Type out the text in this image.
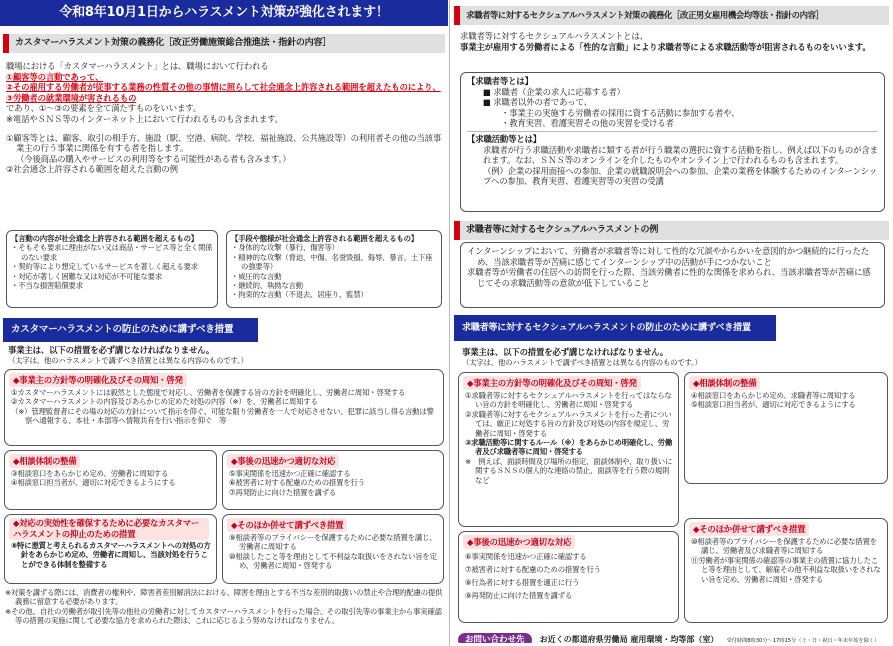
令和8年10月1日からハラスメント対策が強化されます！
カスタマーハラスメント対策の義務化［改正労働施策総合推進法・指針の内容］

職場における「カスタマーハラスメント」とは、職場において行われる

①顧客等の言動であって、

②その雇用する労働者が従事する業務の性質その他の事情に照らして社会通念上許容される範囲を超えたものにより、

③労働者の就業環境が害されるもの

であり、①～③の要素を全て満たすものをいいます。

※電話やＳＮＳ等のインターネット上において行われるものも含まれます。

①顧客等とは、顧客、取引の相手方、施設（駅、空港、病院、学校、福祉施設、公共施設等）の利用者その他の当該事業主の行う事業に関係を有する者を指します。

（今後商品の購入やサービスの利用等をする可能性がある者も含みます。）

②社会通念上許容される範囲を超えた言動の例

【言動の内容が社会通念上許容される範囲を超えるもの】

・そもそも要求に理由がない又は商品・サービス等と全く関係のない要求

・契約等により想定しているサービスを著しく超える要求

・対応が著しく困難な又は対応が不可能な要求

・不当な損害賠償要求

【手段や態様が社会通念上許容される範囲を超えるもの】

・身体的な攻撃（暴行、傷害等）

・精神的な攻撃（脅迫、中傷、名誉毀損、侮辱、暴言、土下座の強要等）

・威圧的な言動

・継続的、執拗な言動

・拘束的な言動（不退去、居座り、監禁）

カスタマーハラスメントの防止のために講ずべき措置

事業主は、以下の措置を必ず講じなければなりません。

（太字は、他のハラスメントで講ずべき措置とは異なる内容のものです。）

◆事業主の方針等の明確化及びその周知・啓発

①カスタマーハラスメントには毅然とした態度で対応し、労働者を保護する旨の方針を明確化し、労働者に周知・啓発する

②カスタマーハラスメントの内容及びあらかじめ定めた対処の内容（※）を、労働者に周知する

（※）管理監督者にその場の対応の方針について指示を仰ぐ、可能な限り労働者を一人で対応させない、犯罪に該当し得る言動は警察へ通報する、本社・本部等へ情報共有を行い指示を仰ぐ　等

◆相談体制の整備

③相談窓口をあらかじめ定め、労働者に周知する

④相談窓口担当者が、適切に対応できるようにする

◆事後の迅速かつ適切な対応

⑤事実関係を迅速かつ正確に確認する

⑥被害者に対する配慮のための措置を行う

⑦再発防止に向けた措置を講ずる

◆対応の実効性を確保するために必要なカスタマーハラスメントの抑止のための措置

⑧特に悪質と考えられるカスタマーハラスメントへの対処の方針をあらかじめ定め、労働者に周知し、当該対処を行うことができる体制を整備する

◆そのほか併せて講ずべき措置

⑨相談者等のプライバシーを保護するために必要な措置を講じ、労働者に周知する

⑩相談したこと等を理由として不利益な取扱いをされない旨を定め、労働者に周知・啓発する

※対策を講ずる際には、消費者の権利や、障害者差別解消法における、障害を理由とする不当な差別的取扱いの禁止や合理的配慮の提供義務に留意する必要があります。

※その他、自社の労働者が取引先等の他社の労働者に対してカスタマーハラスメントを行った場合、その取引先等の事業主から事実確認等の措置の実施に関して必要な協力を求められた際は、これに応じるよう努めなければなりません。

求職者等に対するセクシュアルハラスメント対策の義務化［改正男女雇用機会均等法・指針の内容］

求職者等に対するセクシュアルハラスメントとは、

事業主が雇用する労働者による「性的な言動」により求職者等による求職活動等が阻害されるものをいいます。

【求職者等とは】

■ 求職者（企業の求人に応募する者）

■ 求職者以外の者であって、

・事業主の実施する労働者の採用に資する活動に参加する者や、

・教育実習、看護実習その他の実習を受ける者

【求職活動等とは】

求職者が行う求職活動や求職者に類する者が行う職業の選択に資する活動を指し、例えば以下のものが含まれます。なお、ＳＮＳ等のオンラインを介したものやオンライン上で行われるものも含まれます。

（例）企業の採用面接への参加、企業の就職説明会への参加、企業の業務を体験するためのインターンシップへの参加、教育実習、看護実習等の実習の受講

求職者等に対するセクシュアルハラスメントの例

インターンシップにおいて、労働者が求職者等に対して性的な冗談やからかいを意図的かつ継続的に行ったため、当該求職者等が苦痛に感じてインターンシップ中の活動が手につかないこと

求職者等が労働者の住居への訪問を行った際、当該労働者に性的な関係を求められ、当該求職者等が苦痛に感じてその求職活動等の意欲が低下していること

求職者等に対するセクシュアルハラスメントの防止のために講ずべき措置

事業主は、以下の措置を必ず講じなければなりません。

（太字は、他のハラスメントで講ずべき措置とは異なる内容のものです。）

◆事業主の方針等の明確化及びその周知・啓発

①求職者等に対するセクシュアルハラスメントを行ってはならない旨の方針を明確化し、労働者に周知・啓発する

②求職者等に対するセクシュアルハラスメントを行った者については、厳正に対処する旨の方針及び対処の内容を規定し、労働者に周知・啓発する

③求職活動等に関するルール（※）をあらかじめ明確化し、労働者及び求職者等に周知・啓発する

※　例えば、面談時間及び場所の指定、面談体制や、取り扱いに関するＳＮＳの個人的な連絡の禁止、面談等を行う際の規則など

◆相談体制の整備

④相談窓口をあらかじめ定め、求職者等に周知する

⑤相談窓口担当者が、適切に対応できるようにする

◆事後の迅速かつ適切な対応

⑥事実関係を迅速かつ正確に確認する

⑦被害者に対する配慮のための措置を行う

⑧行為者に対する措置を適正に行う

⑨再発防止に向けた措置を講ずる

◆そのほか併せて講ずべき措置

⑩相談者等のプライバシーを保護するために必要な措置を講じ、労働者及び求職者等に周知する

⑪労働者が事実関係の確認等の事業主の措置に協力したこと等を理由として、解雇その他不利益な取扱いをされない旨を定め、労働者に周知・啓発する

お問い合わせ先 お近くの都道府県労働局 雇用環境・均等部（室） 受付時間8時30分～17時15分（土・日・祝日・年末年始を除く）
